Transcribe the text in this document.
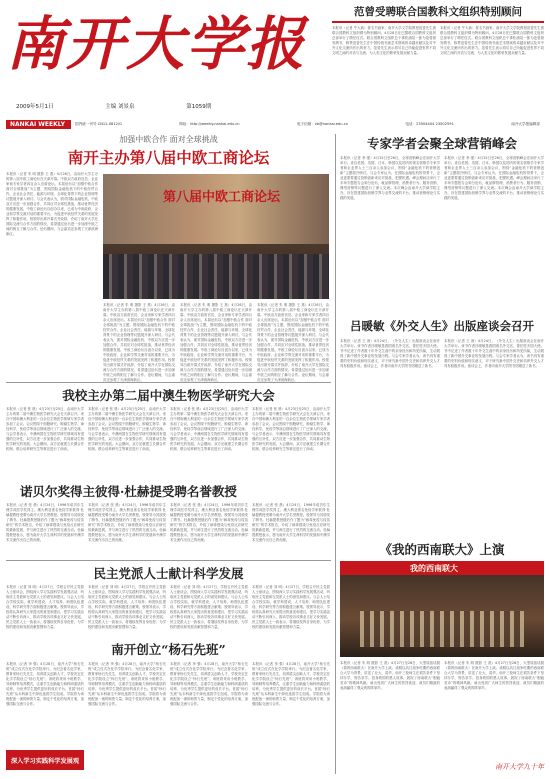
南开大学报
2009年5月1日	主编 刘景泉	第1059期
范曾受聘联合国教科文组织特别顾问
本报讯（记者 牛大新）著名书画家、南开大学文学院教授范曾先生被联合国教科文组织聘为特别顾问。4月28日在巴黎联合国教科文组织总部举行了聘任仪式。联合国教科文组织总干事松浦晃一郎为范曾颁发聘书，称赞范曾先生在中国传统书画艺术领域的卓越贡献以及对中外文化交流所作出的努力。范曾先生表示将尽自己所能促进世界不同文明之间的对话与交流，为人类文化的繁荣发展贡献力量。
本报讯（记者 牛大新）著名书画家、南开大学文学院教授范曾先生被联合国教科文组织聘为特别顾问。4月28日在巴黎联合国教科文组织总部举行了聘任仪式。联合国教科文组织总干事松浦晃一郎为范曾颁发聘书，称赞范曾先生在中国传统书画艺术领域的卓越贡献以及对中外文化交流所作出的努力。范曾先生表示将尽自己所能促进世界不同文明之间的对话与交流，为人类文化的繁荣发展贡献力量。
NANKAI WEEKLY	国内统一刊号 CN12-0812/G	网址：http://weekly.nankai.edu.cn	电子信箱：zb@nankai.edu.cn	电话：23504404 23502591	南开大学报编辑部
加强中欧合作 面对全球挑战
南开主办第八届中欧工商论坛
本报讯（记者 朱 明 摄影 王 燕）4月26日，由南开大学主办的第八届中欧工商论坛在天津开幕。中欧双方政府官员、企业家和专家学者四百余人出席论坛。本届论坛以“加强中欧合作 面对全球挑战”为主题，围绕国际金融危机下的中欧经贸合作、企业社会责任、能源与环境、全球化背景下的企业管理等议题展开深入研讨。与会代表认为，面对国际金融危机，中欧双方应进一步加强合作，共同应对全球性挑战，推动世界经济的健康发展。中欧工商论坛自创办以来，已成为中欧政府、企业和学界交流对话的重要平台，为促进中欧经贸关系的发展发挥了积极作用。校领导出席开幕式并致辞，介绍了南开大学在国际交流与合作方面的情况，希望通过论坛进一步加深中欧之间的相互了解与合作。论坛期间，与会嘉宾还参观了天津滨海新区。
第八届中欧工商论坛
本报讯（记者 朱 明 摄影 王 燕）4月26日，由南开大学主办的第八届中欧工商论坛在天津开幕。中欧双方政府官员、企业家和专家学者四百余人出席论坛。本届论坛以“加强中欧合作 面对全球挑战”为主题，围绕国际金融危机下的中欧经贸合作、企业社会责任、能源与环境、全球化背景下的企业管理等议题展开深入研讨。与会代表认为，面对国际金融危机，中欧双方应进一步加强合作，共同应对全球性挑战，推动世界经济的健康发展。中欧工商论坛自创办以来，已成为中欧政府、企业和学界交流对话的重要平台，为促进中欧经贸关系的发展发挥了积极作用。校领导出席开幕式并致辞，介绍了南开大学在国际交流与合作方面的情况，希望通过论坛进一步加深中欧之间的相互了解与合作。论坛期间，与会嘉宾还参观了天津滨海新区。
本报讯（记者 朱 明 摄影 王 燕）4月26日，由南开大学主办的第八届中欧工商论坛在天津开幕。中欧双方政府官员、企业家和专家学者四百余人出席论坛。本届论坛以“加强中欧合作 面对全球挑战”为主题，围绕国际金融危机下的中欧经贸合作、企业社会责任、能源与环境、全球化背景下的企业管理等议题展开深入研讨。与会代表认为，面对国际金融危机，中欧双方应进一步加强合作，共同应对全球性挑战，推动世界经济的健康发展。中欧工商论坛自创办以来，已成为中欧政府、企业和学界交流对话的重要平台，为促进中欧经贸关系的发展发挥了积极作用。校领导出席开幕式并致辞，介绍了南开大学在国际交流与合作方面的情况，希望通过论坛进一步加深中欧之间的相互了解与合作。论坛期间，与会嘉宾还参观了天津滨海新区。
本报讯（记者 朱 明 摄影 王 燕）4月26日，由南开大学主办的第八届中欧工商论坛在天津开幕。中欧双方政府官员、企业家和专家学者四百余人出席论坛。本届论坛以“加强中欧合作 面对全球挑战”为主题，围绕国际金融危机下的中欧经贸合作、企业社会责任、能源与环境、全球化背景下的企业管理等议题展开深入研讨。与会代表认为，面对国际金融危机，中欧双方应进一步加强合作，共同应对全球性挑战，推动世界经济的健康发展。中欧工商论坛自创办以来，已成为中欧政府、企业和学界交流对话的重要平台，为促进中欧经贸关系的发展发挥了积极作用。校领导出席开幕式并致辞，介绍了南开大学在国际交流与合作方面的情况，希望通过论坛进一步加深中欧之间的相互了解与合作。论坛期间，与会嘉宾还参观了天津滨海新区。
专家学者会聚全球营销峰会
本报讯（记者 李 强）4月25日至26日，全球营销峰会在南开大学举行。来自美国、英国、日本、韩国以及国内的著名营销学专家学者和企业界人士三百余人参加会议，围绕“金融危机下的营销创新”主题展开研讨。与会专家认为，在国际金融危机的背景下，企业更需要通过营销创新来应对挑战，把握机遇。峰会期间还举行了多场专题报告会和分论坛，就品牌管理、消费者行为、服务营销、网络营销等议题进行了深入交流。本次峰会由南开大学商学院主办，旨在搭建国际营销学界与业界交流的平台，推动营销理论与实践的发展。
本报讯（记者 李 强）4月25日至26日，全球营销峰会在南开大学举行。来自美国、英国、日本、韩国以及国内的著名营销学专家学者和企业界人士三百余人参加会议，围绕“金融危机下的营销创新”主题展开研讨。与会专家认为，在国际金融危机的背景下，企业更需要通过营销创新来应对挑战，把握机遇。峰会期间还举行了多场专题报告会和分论坛，就品牌管理、消费者行为、服务营销、网络营销等议题进行了深入交流。本次峰会由南开大学商学院主办，旨在搭建国际营销学界与业界交流的平台，推动营销理论与实践的发展。
吕暖敏《外交人生》出版座谈会召开
本报讯（记者 王 涛）4月24日，《外交人生》出版座谈会在南开大学举行。该书作者吕暖敏是我国著名外交官，曾任驻多国大使。书中记述了作者数十年外交生涯中的亲身经历和所见所闻，生动展现了新中国外交事业的发展历程。与会专家学者认为，该书具有重要的史料价值和现实意义，对于研究新中国外交史和培养外交人才具有积极作用。座谈会上，作者向南开大学图书馆赠送了新书。
本报讯（记者 王 涛）4月24日，《外交人生》出版座谈会在南开大学举行。该书作者吕暖敏是我国著名外交官，曾任驻多国大使。书中记述了作者数十年外交生涯中的亲身经历和所见所闻，生动展现了新中国外交事业的发展历程。与会专家学者认为，该书具有重要的史料价值和现实意义，对于研究新中国外交史和培养外交人才具有积极作用。座谈会上，作者向南开大学图书馆赠送了新书。
我校主办第二届中澳生物医学研究大会
本报讯（记者 张 晨）4月23日至25日，由南开大学主办的第二届中澳生物医学研究大会在天津召开。来自中国和澳大利亚的一百余位生物医学领域专家学者参加了会议。会议围绕干细胞研究、肿瘤生物学、神经科学、免疫学等前沿领域进行了广泛深入的交流。与会学者表示，中澳两国在生物医学研究领域具有很强的互补性，双方应进一步加强合作，共同推动生物医学研究的发展。大会期间，双方还就建立长期合作机制、联合培养研究生等事宜进行了商谈。
本报讯（记者 张 晨）4月23日至25日，由南开大学主办的第二届中澳生物医学研究大会在天津召开。来自中国和澳大利亚的一百余位生物医学领域专家学者参加了会议。会议围绕干细胞研究、肿瘤生物学、神经科学、免疫学等前沿领域进行了广泛深入的交流。与会学者表示，中澳两国在生物医学研究领域具有很强的互补性，双方应进一步加强合作，共同推动生物医学研究的发展。大会期间，双方还就建立长期合作机制、联合培养研究生等事宜进行了商谈。
本报讯（记者 张 晨）4月23日至25日，由南开大学主办的第二届中澳生物医学研究大会在天津召开。来自中国和澳大利亚的一百余位生物医学领域专家学者参加了会议。会议围绕干细胞研究、肿瘤生物学、神经科学、免疫学等前沿领域进行了广泛深入的交流。与会学者表示，中澳两国在生物医学研究领域具有很强的互补性，双方应进一步加强合作，共同推动生物医学研究的发展。大会期间，双方还就建立长期合作机制、联合培养研究生等事宜进行了商谈。
本报讯（记者 张 晨）4月23日至25日，由南开大学主办的第二届中澳生物医学研究大会在天津召开。来自中国和澳大利亚的一百余位生物医学领域专家学者参加了会议。会议围绕干细胞研究、肿瘤生物学、神经科学、免疫学等前沿领域进行了广泛深入的交流。与会学者表示，中澳两国在生物医学研究领域具有很强的互补性，双方应进一步加强合作，共同推动生物医学研究的发展。大会期间，双方还就建立长期合作机制、联合培养研究生等事宜进行了商谈。
诺贝尔奖得主彼得·杜赫提受聘名誉教授
本报讯（记者 张 晨）4月24日，1996年诺贝尔生理学或医学奖得主、澳大利亚著名免疫学家彼得·杜赫提教授受聘为南开大学名誉教授。校领导为其颁发了聘书。杜赫提教授随后作了题为“病毒免疫与疫苗研究”的学术报告，介绍了病毒感染与免疫反应研究的最新进展，并与师生进行了热烈的交流互动。杜赫提教授表示，愿为南开大学生命科学的发展和中澳学术交流作出自己的贡献。
本报讯（记者 张 晨）4月24日，1996年诺贝尔生理学或医学奖得主、澳大利亚著名免疫学家彼得·杜赫提教授受聘为南开大学名誉教授。校领导为其颁发了聘书。杜赫提教授随后作了题为“病毒免疫与疫苗研究”的学术报告，介绍了病毒感染与免疫反应研究的最新进展，并与师生进行了热烈的交流互动。杜赫提教授表示，愿为南开大学生命科学的发展和中澳学术交流作出自己的贡献。
本报讯（记者 张 晨）4月24日，1996年诺贝尔生理学或医学奖得主、澳大利亚著名免疫学家彼得·杜赫提教授受聘为南开大学名誉教授。校领导为其颁发了聘书。杜赫提教授随后作了题为“病毒免疫与疫苗研究”的学术报告，介绍了病毒感染与免疫反应研究的最新进展，并与师生进行了热烈的交流互动。杜赫提教授表示，愿为南开大学生命科学的发展和中澳学术交流作出自己的贡献。
本报讯（记者 张 晨）4月24日，1996年诺贝尔生理学或医学奖得主、澳大利亚著名免疫学家彼得·杜赫提教授受聘为南开大学名誉教授。校领导为其颁发了聘书。杜赫提教授随后作了题为“病毒免疫与疫苗研究”的学术报告，介绍了病毒感染与免疫反应研究的最新进展，并与师生进行了热烈的交流互动。杜赫提教授表示，愿为南开大学生命科学的发展和中澳学术交流作出自己的贡献。
民主党派人士献计科学发展
本报讯（记者 刘 明）4月27日，学校召开民主党派人士座谈会，围绕深入学习实践科学发展观活动，听取民主党派和无党派人士的意见和建议。与会人士结合学校实际，就学科建设、人才培养、师资队伍建设、科学研究等方面积极建言献策。校领导表示，学校将认真研究大家提出的意见和建议，把学习实践活动不断引向深入，推动学校各项事业又好又快发展。民主党派人士一致表示，将继续发挥自身优势，为学校的建设和发展贡献智慧和力量。
本报讯（记者 刘 明）4月27日，学校召开民主党派人士座谈会，围绕深入学习实践科学发展观活动，听取民主党派和无党派人士的意见和建议。与会人士结合学校实际，就学科建设、人才培养、师资队伍建设、科学研究等方面积极建言献策。校领导表示，学校将认真研究大家提出的意见和建议，把学习实践活动不断引向深入，推动学校各项事业又好又快发展。民主党派人士一致表示，将继续发挥自身优势，为学校的建设和发展贡献智慧和力量。
本报讯（记者 刘 明）4月27日，学校召开民主党派人士座谈会，围绕深入学习实践科学发展观活动，听取民主党派和无党派人士的意见和建议。与会人士结合学校实际，就学科建设、人才培养、师资队伍建设、科学研究等方面积极建言献策。校领导表示，学校将认真研究大家提出的意见和建议，把学习实践活动不断引向深入，推动学校各项事业又好又快发展。民主党派人士一致表示，将继续发挥自身优势，为学校的建设和发展贡献智慧和力量。
本报讯（记者 刘 明）4月27日，学校召开民主党派人士座谈会，围绕深入学习实践科学发展观活动，听取民主党派和无党派人士的意见和建议。与会人士结合学校实际，就学科建设、人才培养、师资队伍建设、科学研究等方面积极建言献策。校领导表示，学校将认真研究大家提出的意见和建议，把学习实践活动不断引向深入，推动学校各项事业又好又快发展。民主党派人士一致表示，将继续发挥自身优势，为学校的建设和发展贡献智慧和力量。
《我的西南联大》上演
我的西南联大
本报讯（记者 朱 明 摄影 王 燕）4月27日至28日，大型原创话剧《我的西南联大》在南开大学上演。该剧以抗日战争时期的西南联合大学为背景，讲述了北大、清华、南开三校师生在艰苦条件下坚持办学、刻苦求学、投身救国的感人故事，展现了西南联大“刚毅坚卓”的精神风貌。演出受到广大师生的热烈欢迎，演员们精湛的表演赢得了观众的阵阵掌声。
本报讯（记者 朱 明 摄影 王 燕）4月27日至28日，大型原创话剧《我的西南联大》在南开大学上演。该剧以抗日战争时期的西南联合大学为背景，讲述了北大、清华、南开三校师生在艰苦条件下坚持办学、刻苦求学、投身救国的感人故事，展现了西南联大“刚毅坚卓”的精神风貌。演出受到广大师生的热烈欢迎，演员们精湛的表演赢得了观众的阵阵掌声。
南开大学九十年
南开创立“杨石先班”
本报讯（记者 李 强）4月28日，南开大学“杨石先班”成立仪式在化学学院举行。为纪念著名化学家、教育家杨石先先生，培养拔尖创新人才，学校决定在化学学院设立“杨石先班”。该班将采用小班教学、导师制等培养模式，注重学生创新能力和科研素质的培养，为优秀学生提供更好的成长平台。首届“杨石先班”从本科新生中择优选拔学生组成。学院将为该班配备一流的师资力量，制定个性化的培养方案，加强国际交流与合作。
本报讯（记者 李 强）4月28日，南开大学“杨石先班”成立仪式在化学学院举行。为纪念著名化学家、教育家杨石先先生，培养拔尖创新人才，学校决定在化学学院设立“杨石先班”。该班将采用小班教学、导师制等培养模式，注重学生创新能力和科研素质的培养，为优秀学生提供更好的成长平台。首届“杨石先班”从本科新生中择优选拔学生组成。学院将为该班配备一流的师资力量，制定个性化的培养方案，加强国际交流与合作。
本报讯（记者 李 强）4月28日，南开大学“杨石先班”成立仪式在化学学院举行。为纪念著名化学家、教育家杨石先先生，培养拔尖创新人才，学校决定在化学学院设立“杨石先班”。该班将采用小班教学、导师制等培养模式，注重学生创新能力和科研素质的培养，为优秀学生提供更好的成长平台。首届“杨石先班”从本科新生中择优选拔学生组成。学院将为该班配备一流的师资力量，制定个性化的培养方案，加强国际交流与合作。
本报讯（记者 李 强）4月28日，南开大学“杨石先班”成立仪式在化学学院举行。为纪念著名化学家、教育家杨石先先生，培养拔尖创新人才，学校决定在化学学院设立“杨石先班”。该班将采用小班教学、导师制等培养模式，注重学生创新能力和科研素质的培养，为优秀学生提供更好的成长平台。首届“杨石先班”从本科新生中择优选拔学生组成。学院将为该班配备一流的师资力量，制定个性化的培养方案，加强国际交流与合作。
深入学习实践科学发展观
